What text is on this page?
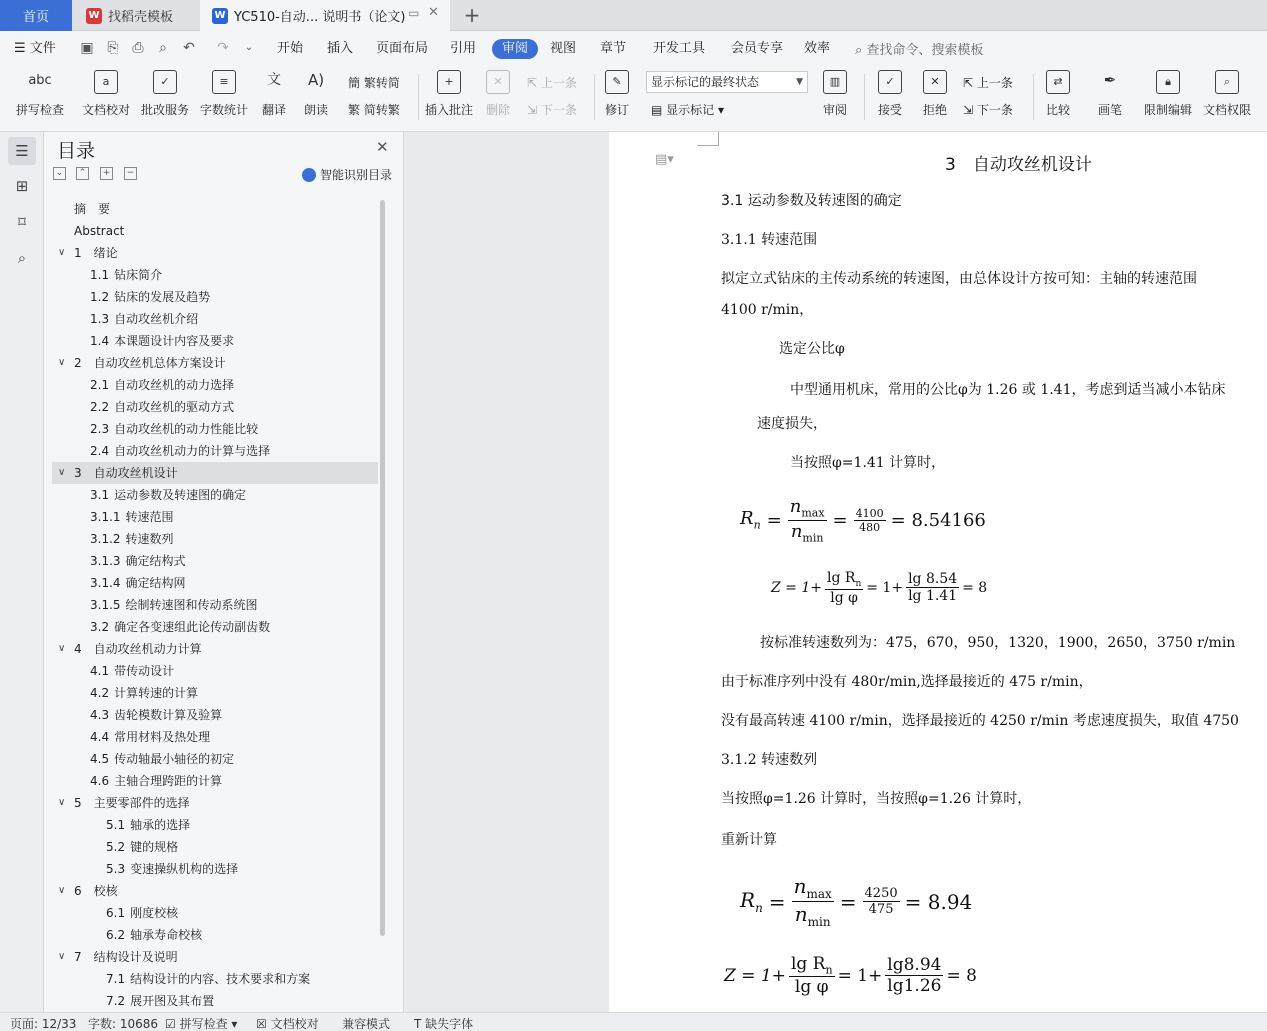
首页	W 找稻壳模板	W YC510-自动... 说明书（论文) ▭ ✕ +
☰ 文件 ▣ ⎘ ⎙	⌕	↶ ↷	⌄	开始 插入 页面布局 引用	审阅	视图 章节 开发工具 会员专享 效率 ⌕ 查找命令、搜索模板
abc
拼写检查
a
文档校对
✓
批改服务
≡
字数统计
文
翻译
A)
朗读
簡 繁转简
繁 简转繁
+
插入批注
✕
删除
⇱ 上一条
⇲ 下一条
✎
修订
显示标记的最终状态	▼
▤ 显示标记 ▾
▥
审阅
✓
接受
✕
拒绝
⇱ 上一条
⇲ 下一条
⇄
比较
✒
画笔
🔒︎
限制编辑
⌕
文档权限
☰
⊞
⌑
⌕
目录	✕
⌄	⌃	+	−	智能识别目录
摘　要
Abstract
∨ 1 绪论
1.1 钻床简介
1.2 钻床的发展及趋势
1.3 自动攻丝机介绍
1.4 本课题设计内容及要求
∨ 2 自动攻丝机总体方案设计
2.1 自动攻丝机的动力选择
2.2 自动攻丝机的驱动方式
2.3 自动攻丝机的动力性能比较
2.4 自动攻丝机动力的计算与选择
∨ 3 自动攻丝机设计
3.1 运动参数及转速图的确定
3.1.1 转速范围
3.1.2 转速数列
3.1.3 确定结构式
3.1.4 确定结构网
3.1.5 绘制转速图和传动系统图
3.2 确定各变速组此论传动副齿数
∨ 4 自动攻丝机动力计算
4.1 带传动设计
4.2 计算转速的计算
4.3 齿轮模数计算及验算
4.4 常用材料及热处理
4.5 传动轴最小轴径的初定
4.6 主轴合理跨距的计算
∨ 5 主要零部件的选择
5.1 轴承的选择
5.2 键的规格
5.3 变速操纵机构的选择
∨ 6 校核
6.1 刚度校核
6.2 轴承寿命校核
∨ 7 结构设计及说明
7.1 结构设计的内容、技术要求和方案
7.2 展开图及其布置
▤▾	3　自动攻丝机设计
3.1 运动参数及转速图的确定
3.1.1 转速范围
拟定立式钻床的主传动系统的转速图，由总体设计方按可知：主轴的转速范围
4100 r/min，
选定公比φ
中型通用机床，常用的公比φ为 1.26 或 1.41，考虑到适当减小本钻床
速度损失，
当按照φ=1.41 计算时，
$R_n = \frac{n_{max}}{n_{min}} = \frac{4100}{480} = 8.54166$
$Z = 1+ \frac{\lg R_n}{\text{lg φ}} = 1+ \frac{\lg 8.54}{\lg 1.41} = 8$
按标准转速数列为：475，670，950，1320，1900，2650，3750 r/min
由于标准序列中没有 480r/min,选择最接近的 475 r/min，
没有最高转速 4100 r/min，选择最接近的 4250 r/min 考虑速度损失，取值 4750
3.1.2 转速数列
当按照φ=1.26 计算时，当按照φ=1.26 计算时，
重新计算
$R_n = \frac{n_{max}}{n_{min}} = \frac{4250}{475} = 8.94$
$Z = 1+ \frac{\lg R_n}{\text{lg φ}} = 1+ \frac{\lg 8.94}{\lg 1.26} = 8$
页面: 12/33 字数: 10686 ☑ 拼写检查 ▾ ☒ 文档校对 兼容模式 T 缺失字体
